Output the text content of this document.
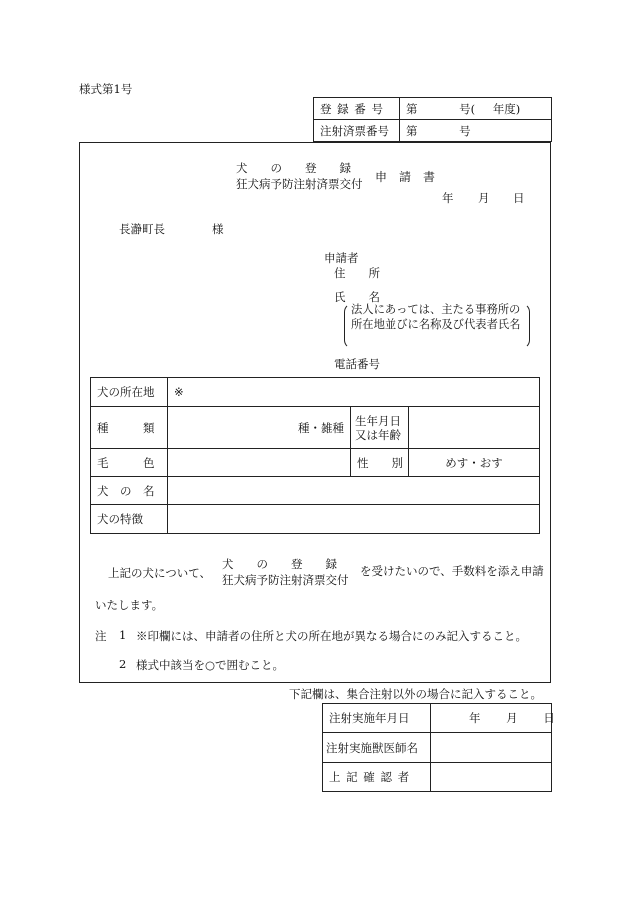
様式第1号
登 録 番 号	第 号( 年度)
注射済票番号	第 号
犬　　の　　登　　録
狂犬病予防注射済票交付 申　請　書
年 月 日
長瀞町長	様
申請者
住　　所
氏　　名
法人にあっては、主たる事務所の所在地並びに名称及び代表者氏名
電話番号
犬の所在地	※		
種　　　類	種・雑種	生年月日
又は年齢	

毛　　　色		性　　別	めす・おす
犬　の　名			
犬の特徴			
上記の犬について、
犬　　の　　登　　録
狂犬病予防注射済票交付
を受けたいので、手数料を添え申請
いたします。
注 1 ※印欄には、申請者の住所と犬の所在地が異なる場合にのみ記入すること。
2 様式中該当を○で囲むこと。
下記欄は、集合注射以外の場合に記入すること。
注射実施年月日	年 月 日
注射実施獣医師名	
上 記 確 認 者	
